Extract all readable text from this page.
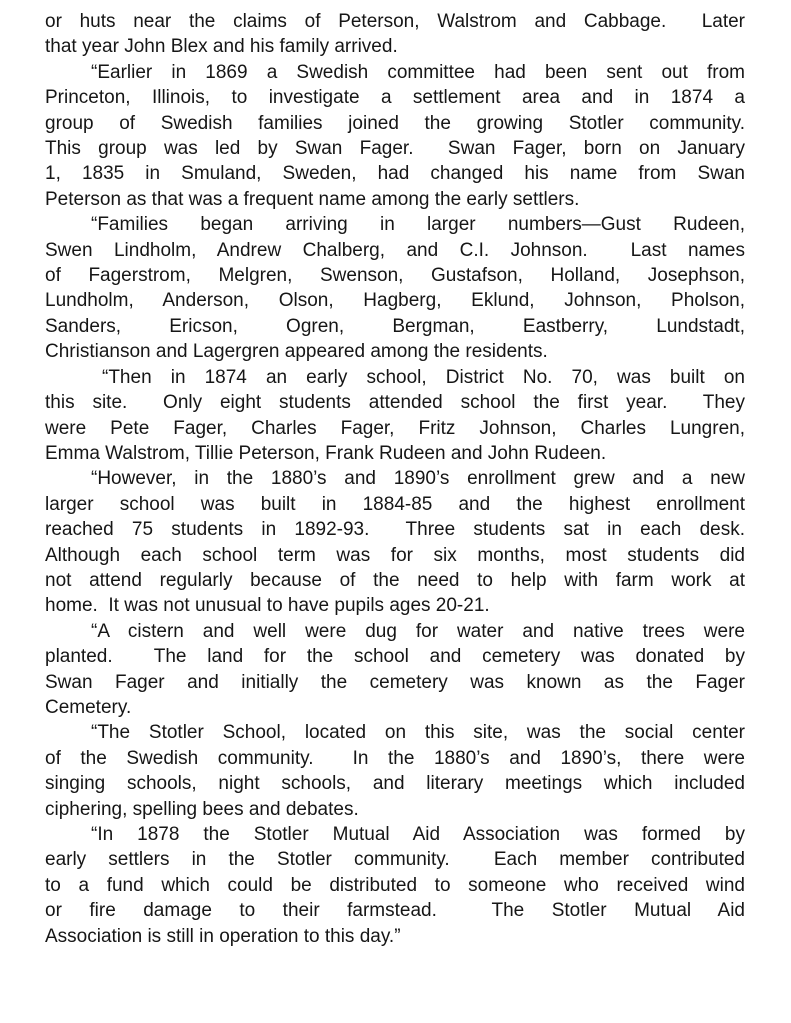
or huts near the claims of Peterson, Walstrom and Cabbage.  Later
that year John Blex and his family arrived.

“Earlier in 1869 a Swedish committee had been sent out from
Princeton, Illinois, to investigate a settlement area and in 1874 a
group of Swedish families joined the growing Stotler community.
This group was led by Swan Fager.  Swan Fager, born on January
1, 1835 in Smuland, Sweden, had changed his name from Swan
Peterson as that was a frequent name among the early settlers.

“Families began arriving in larger numbers—Gust Rudeen,
Swen Lindholm, Andrew Chalberg, and C.I. Johnson.  Last names
of Fagerstrom, Melgren, Swenson, Gustafson, Holland, Josephson,
Lundholm, Anderson, Olson, Hagberg, Eklund, Johnson, Pholson,
Sanders, Ericson, Ogren, Bergman, Eastberry, Lundstadt,
Christianson and Lagergren appeared among the residents.

“Then in 1874 an early school, District No. 70, was built on
this site.  Only eight students attended school the first year.  They
were Pete Fager, Charles Fager, Fritz Johnson, Charles Lungren,
Emma Walstrom, Tillie Peterson, Frank Rudeen and John Rudeen.

“However, in the 1880’s and 1890’s enrollment grew and a new
larger school was built in 1884-85 and the highest enrollment
reached 75 students in 1892-93.  Three students sat in each desk.
Although each school term was for six months, most students did
not attend regularly because of the need to help with farm work at
home.  It was not unusual to have pupils ages 20-21.

“A cistern and well were dug for water and native trees were
planted.  The land for the school and cemetery was donated by
Swan Fager and initially the cemetery was known as the Fager
Cemetery.

“The Stotler School, located on this site, was the social center
of the Swedish community.  In the 1880’s and 1890’s, there were
singing schools, night schools, and literary meetings which included
ciphering, spelling bees and debates.

“In 1878 the Stotler Mutual Aid Association was formed by
early settlers in the Stotler community.  Each member contributed
to a fund which could be distributed to someone who received wind
or fire damage to their farmstead.  The Stotler Mutual Aid
Association is still in operation to this day.”
